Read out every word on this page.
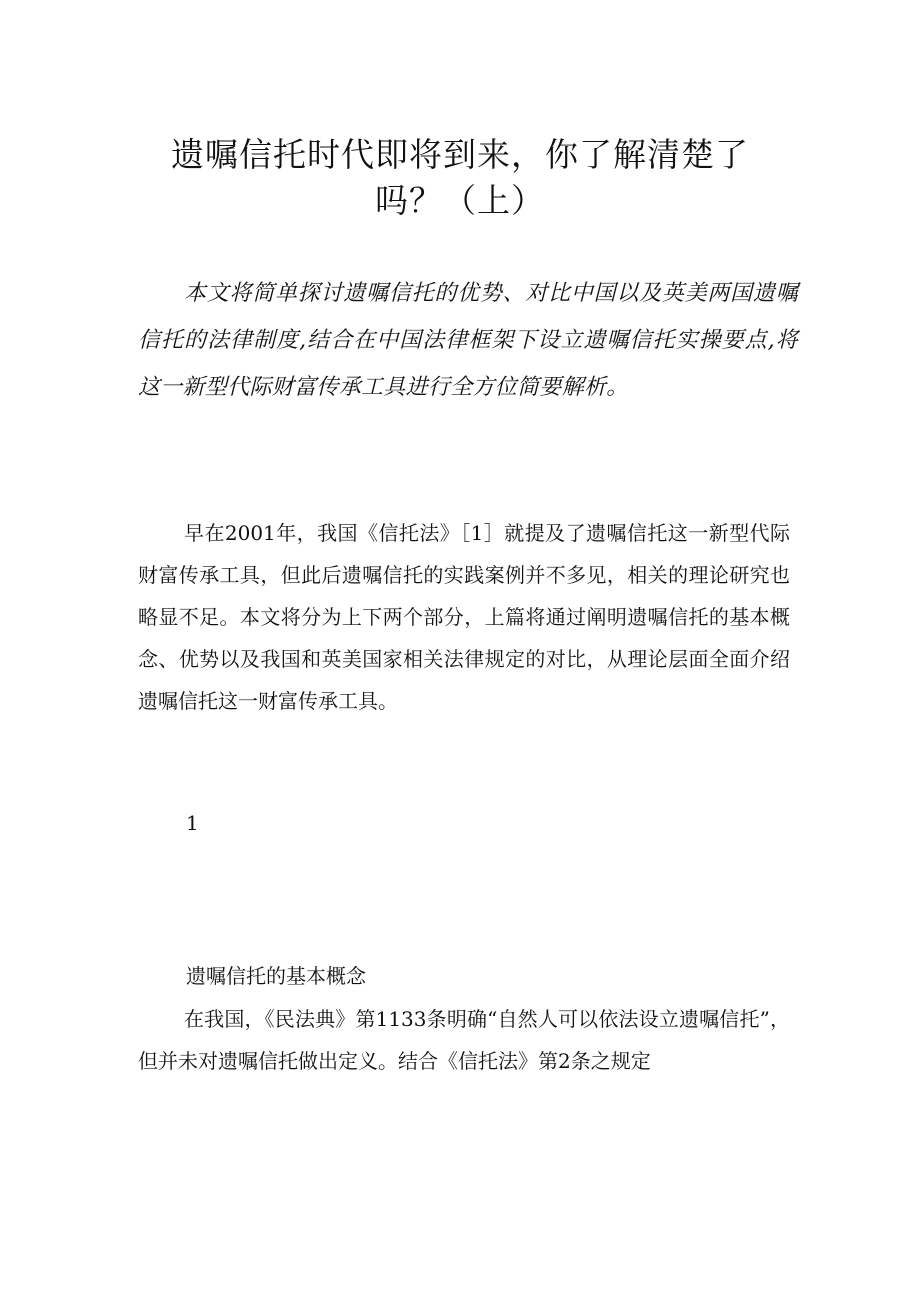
遗嘱信托时代即将到来，你了解清楚了吗？（上）

本文将简单探讨遗嘱信托的优势、对比中国以及英美两国遗嘱信托的法律制度,结合在中国法律框架下设立遗嘱信托实操要点,将这一新型代际财富传承工具进行全方位简要解析。

早在2001年，我国《信托法》［1］就提及了遗嘱信托这一新型代际财富传承工具，但此后遗嘱信托的实践案例并不多见，相关的理论研究也略显不足。本文将分为上下两个部分，上篇将通过阐明遗嘱信托的基本概念、优势以及我国和英美国家相关法律规定的对比，从理论层面全面介绍遗嘱信托这一财富传承工具。

1

遗嘱信托的基本概念

在我国，《民法典》第1133条明确“自然人可以依法设立遗嘱信托”，但并未对遗嘱信托做出定义。结合《信托法》第2条之规定
